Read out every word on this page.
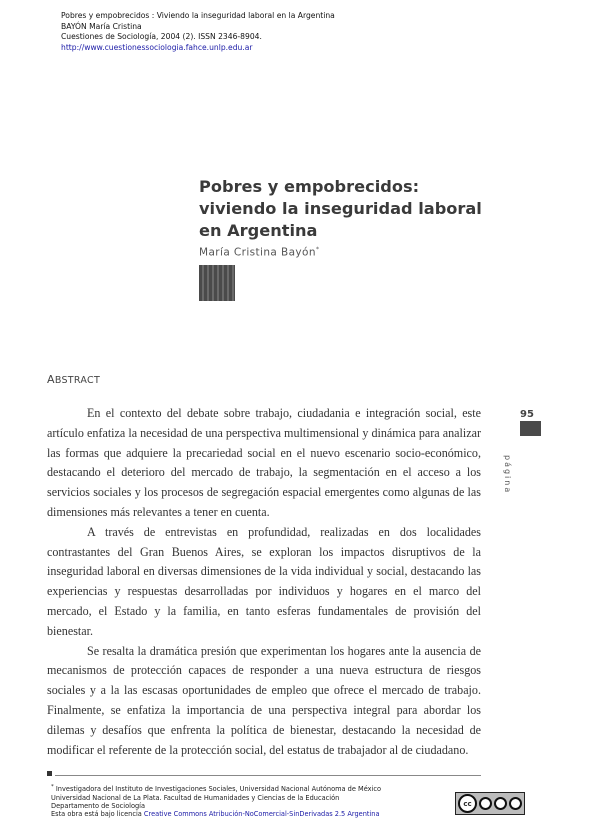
Pobres y empobrecidos : Viviendo la inseguridad laboral en la Argentina
BAYÓN María Cristina
Cuestiones de Sociología, 2004 (2). ISSN 2346-8904.
http://www.cuestionessociologia.fahce.unlp.edu.ar
Pobres y empobrecidos: viviendo la inseguridad laboral en Argentina
María Cristina Bayón*
ABSTRACT

En el contexto del debate sobre trabajo, ciudadania e integración social, este artículo enfatiza la necesidad de una perspectiva multimensional y dinámica para analizar las formas que adquiere la precariedad social en el nuevo escenario socio-económico, destacando el deterioro del mercado de trabajo, la segmentación en el acceso a los servicios sociales y los procesos de segregación espacial emergentes como algunas de las dimensiones más relevantes a tener en cuenta.

A través de entrevistas en profundidad, realizadas en dos localidades contrastantes del Gran Buenos Aires, se exploran los impactos disruptivos de la inseguridad laboral en diversas dimensiones de la vida individual y social, destacando las experiencias y respuestas desarrolladas por individuos y hogares en el marco del mercado, el Estado y la familia, en tanto esferas fundamentales de provisión del bienestar.

Se resalta la dramática presión que experimentan los hogares ante la ausencia de mecanismos de protección capaces de responder a una nueva estructura de riesgos sociales y a la las escasas oportunidades de empleo que ofrece el mercado de trabajo. Finalmente, se enfatiza la importancia de una perspectiva integral para abordar los dilemas y desafíos que enfrenta la política de bienestar, destacando la necesidad de modificar el referente de la protección social, del estatus de trabajador al de ciudadano.

95
página
* Investigadora del Instituto de Investigaciones Sociales, Universidad Nacional Autónoma de México
Universidad Nacional de La Plata. Facultad de Humanidades y Ciencias de la Educación
Departamento de Sociología
Esta obra está bajo licencia Creative Commons Atribución-NoComercial-SinDerivadas 2.5 Argentina
cc
